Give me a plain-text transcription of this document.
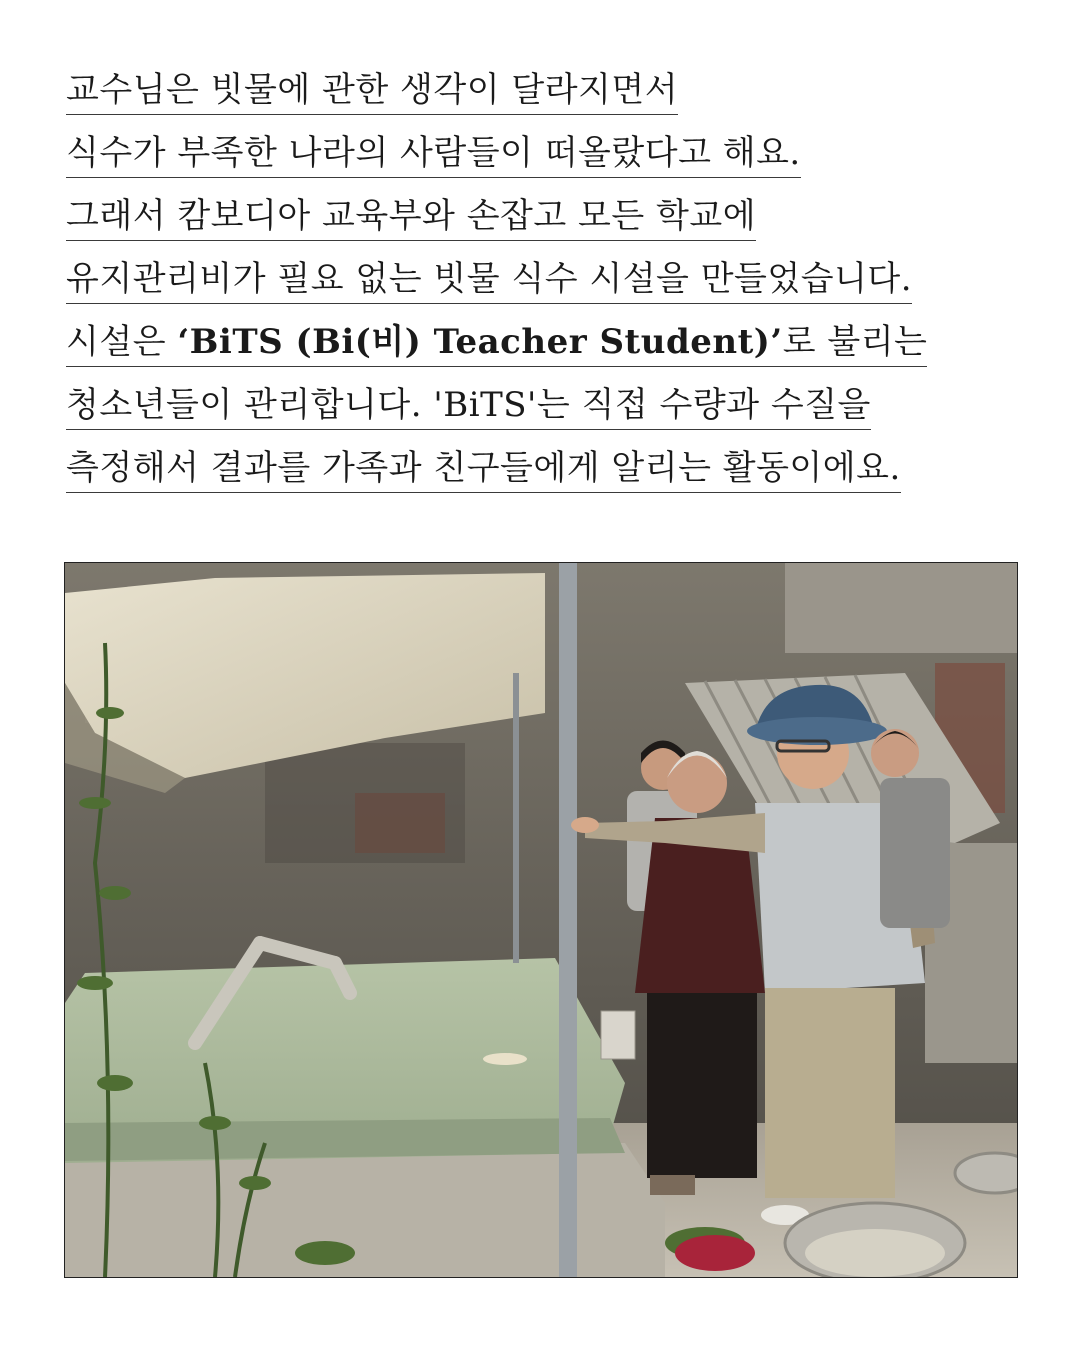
교수님은 빗물에 관한 생각이 달라지면서
식수가 부족한 나라의 사람들이 떠올랐다고 해요.
그래서 캄보디아 교육부와 손잡고 모든 학교에
유지관리비가 필요 없는 빗물 식수 시설을 만들었습니다.
시설은 ‘BiTS (Bi(비) Teacher Student)’로 불리는
청소년들이 관리합니다. 'BiTS'는 직접 수량과 수질을
측정해서 결과를 가족과 친구들에게 알리는 활동이에요.
